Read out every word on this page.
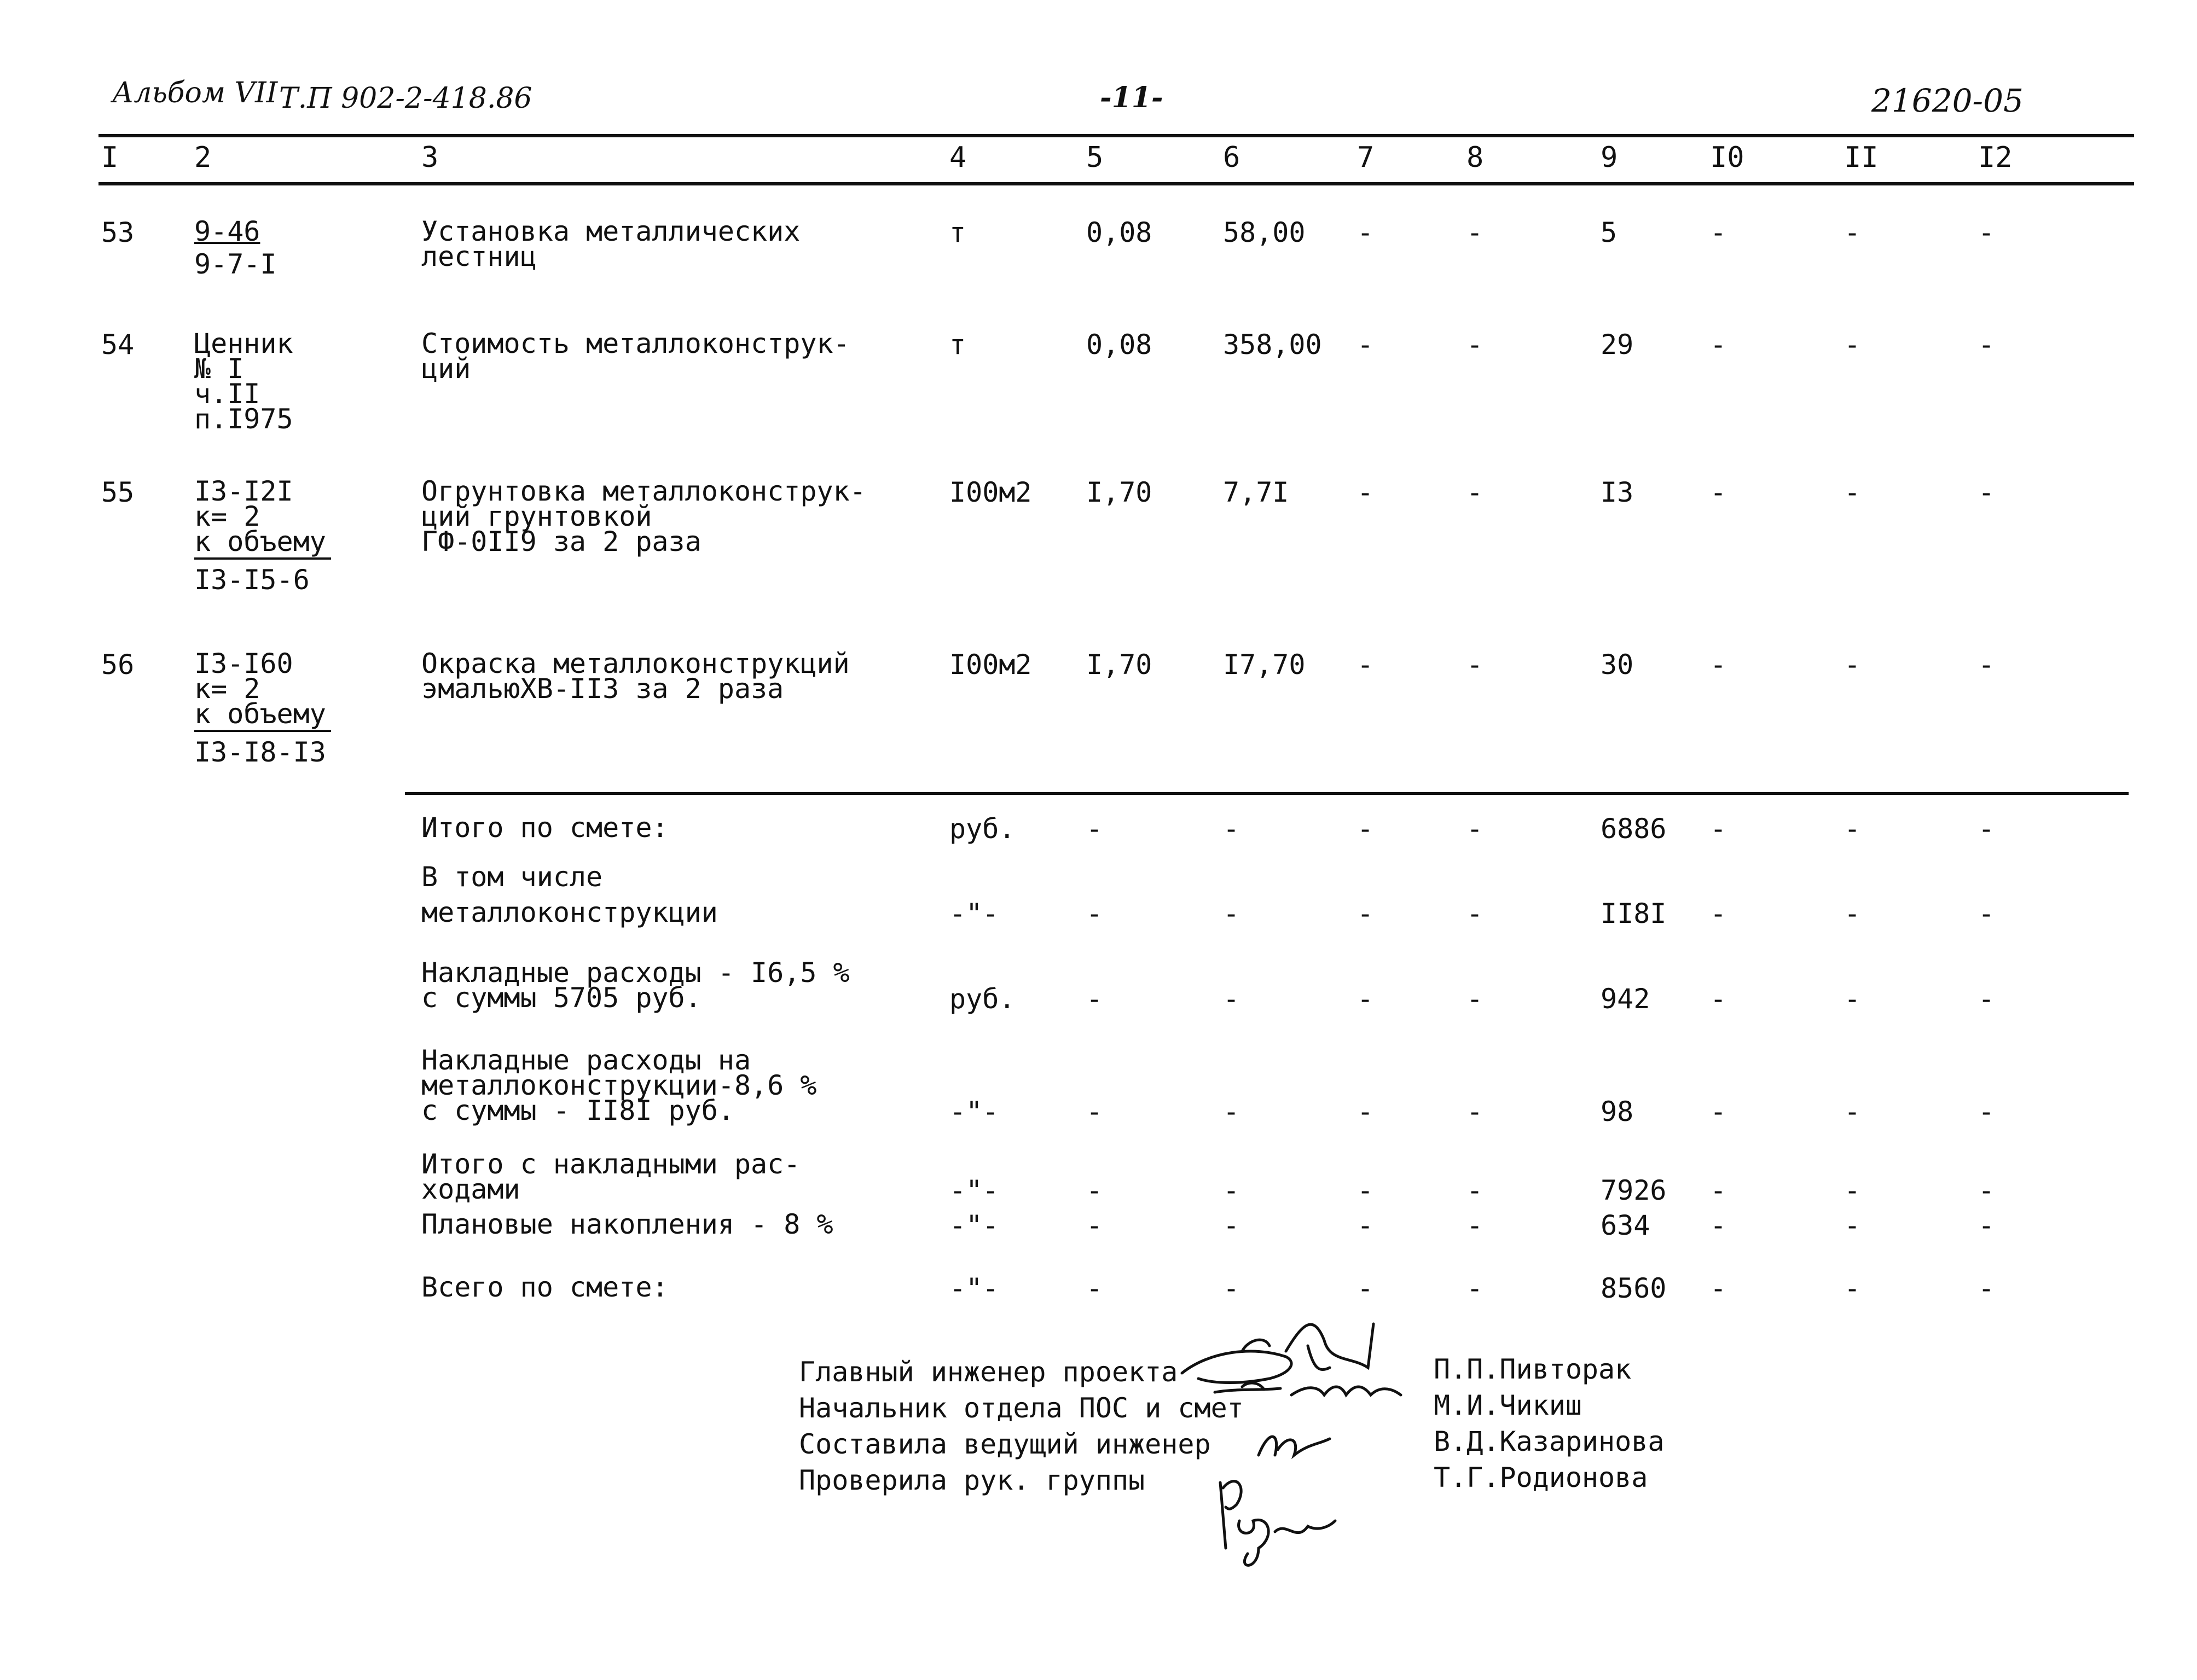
Альбом VII Т.П 902-2-418.86	-11-	21620-05
I	2	3	4	5	6	7	8	9	I0	II	I2
53 9-46
9-7-I
Установка металлических
лестниц
т	0,08	58,00 -	-	5	-	-	-
54 Ценник
№ I
ч.II
п.I975
Стоимость металлоконструк-
ций
т	0,08	358,00 -	-	29	-	-	-
55 I3-I2I
к= 2
к объему
I3-I5-6
Огрунтовка металлоконструк-
ций грунтовкой
ГФ-0II9 за 2 раза
I00м2 I,70	7,7I -	-	I3	-	-	-
56 I3-I60
к= 2
к объему
I3-I8-I3
Окраска металлоконструкций
эмальюХВ-II3 за 2 раза
I00м2 I,70	I7,70 -	-	30	-	-	-
Итого по смете:	руб.	-	-	-	-	6886 -	-	-
В том числе
металлоконструкции	-"-	-	-	-	-	II8I -	-	-
Накладные расходы - I6,5 %
с суммы 5705 руб.	руб.	-	-	-	-	942 -	-	-
Накладные расходы на
металлоконструкции-8,6 %
с суммы - II8I руб.	-"-	-	-	-	-	98	-	-	-
Итого с накладными рас-
ходами	-"-	-	-	-	-	7926 -	-	-
Плановые накопления - 8 %	-"-	-	-	-	-	634 -	-	-
Всего по смете:	-"-	-	-	-	-	8560 -	-	-
Главный инженер проекта
Начальник отдела ПОС и смет
Составила ведущий инженер
Проверила рук. группы
П.П.Пивторак
М.И.Чикиш
В.Д.Казаринова
Т.Г.Родионова
